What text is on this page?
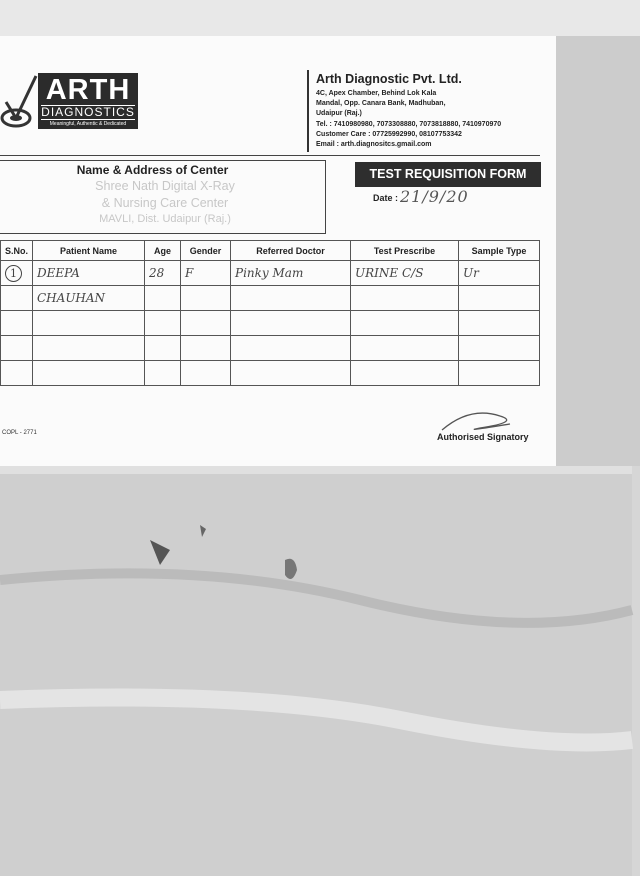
ARTH
DIAGNOSTICS
Meaningful, Authentic & Dedicated
Arth Diagnostic Pvt. Ltd.
4C, Apex Chamber, Behind Lok Kala
Mandal, Opp. Canara Bank, Madhuban,
Udaipur (Raj.)
Tel. : 7410980980, 7073308880, 7073818880, 7410970970
Customer Care : 07725992990, 08107753342
Email : arth.diagnositcs.gmail.com
Name & Address of Center
Shree Nath Digital X-Ray
& Nursing Care Center
MAVLI, Dist. Udaipur (Raj.)
TEST REQUISITION FORM
Date : 21/9/20
S.No.	Patient Name	Age	Gender	Referred Doctor	Test Prescribe	Sample Type
1	DEEPA	28	F	Pinky Mam	URINE C/S	Ur
	CHAUHAN					

COPL - 2771	Authorised Signatory
